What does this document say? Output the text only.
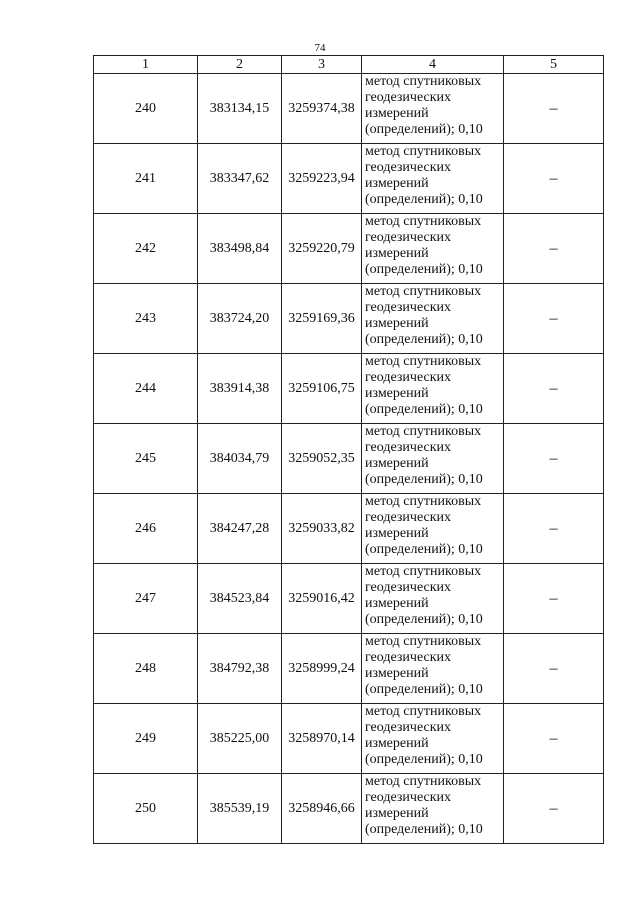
74
1	2	3	4	5
240	383134,15	3259374,38	метод спутниковых геодезических измерений (определений); 0,10	–
241	383347,62	3259223,94	метод спутниковых геодезических измерений (определений); 0,10	–
242	383498,84	3259220,79	метод спутниковых геодезических измерений (определений); 0,10	–
243	383724,20	3259169,36	метод спутниковых геодезических измерений (определений); 0,10	–
244	383914,38	3259106,75	метод спутниковых геодезических измерений (определений); 0,10	–
245	384034,79	3259052,35	метод спутниковых геодезических измерений (определений); 0,10	–
246	384247,28	3259033,82	метод спутниковых геодезических измерений (определений); 0,10	–
247	384523,84	3259016,42	метод спутниковых геодезических измерений (определений); 0,10	–
248	384792,38	3258999,24	метод спутниковых геодезических измерений (определений); 0,10	–
249	385225,00	3258970,14	метод спутниковых геодезических измерений (определений); 0,10	–
250	385539,19	3258946,66	метод спутниковых геодезических измерений (определений); 0,10	–
